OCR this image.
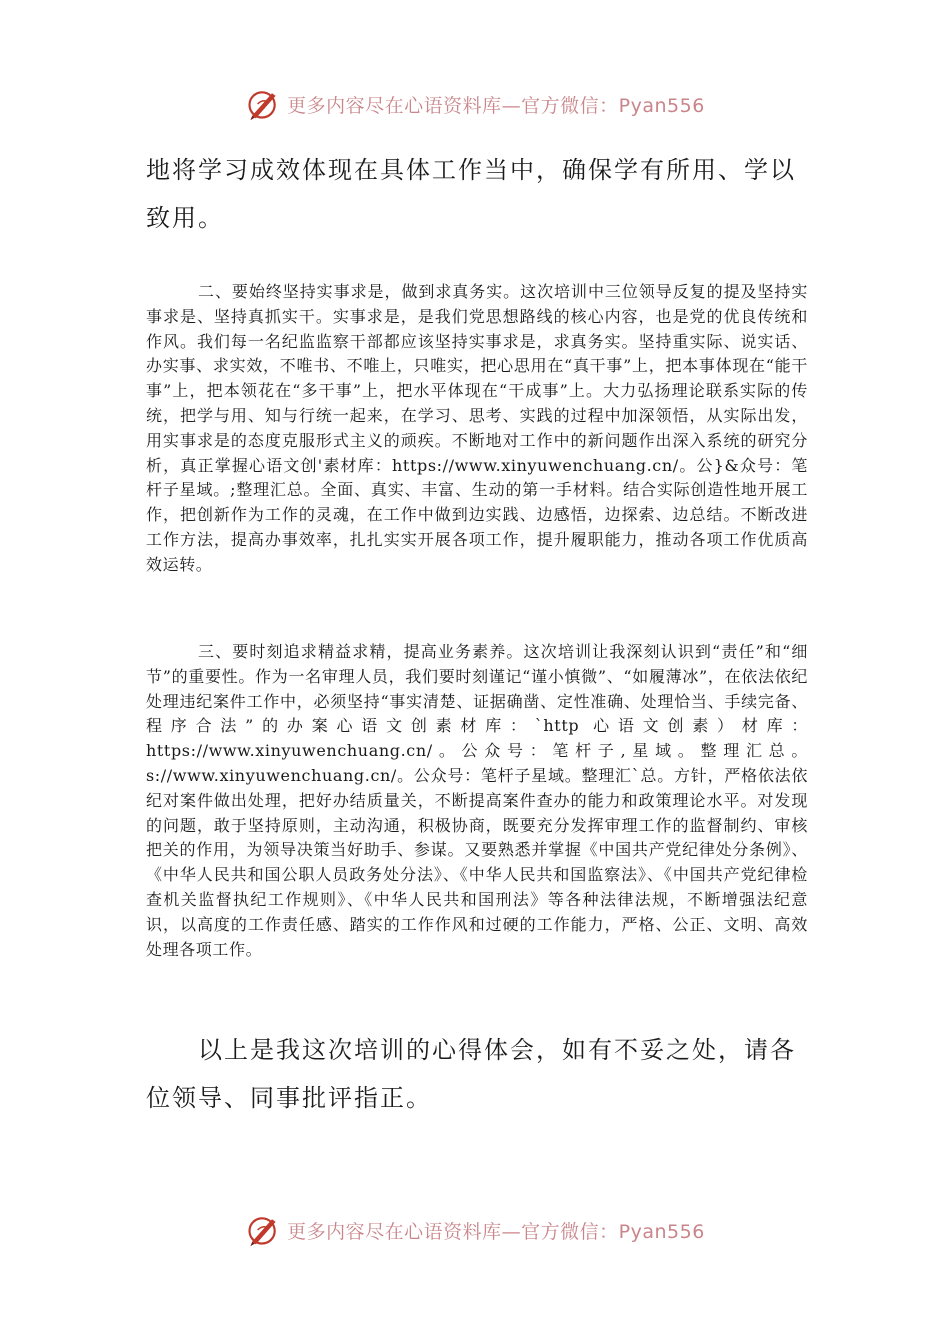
更多内容尽在心语资料库—官方微信：Pyan556

地将学习成效体现在具体工作当中，确保学有所用、学以致用。

二、要始终坚持实事求是，做到求真务实。这次培训中三位领导反复的提及坚持实事求是、坚持真抓实干。实事求是，是我们党思想路线的核心内容，也是党的优良传统和作风。我们每一名纪监监察干部都应该坚持实事求是，求真务实。坚持重实际、说实话、办实事、求实效，不唯书、不唯上，只唯实，把心思用在“真干事”上，把本事体现在“能干事”上，把本领花在“多干事”上，把水平体现在“干成事”上。大力弘扬理论联系实际的传统，把学与用、知与行统一起来，在学习、思考、实践的过程中加深领悟，从实际出发，用实事求是的态度克服形式主义的顽疾。不断地对工作中的新问题作出深入系统的研究分析，真正掌握心语文创'素材库：https://www.xinyuwenchuang.cn/。公}&众号：笔杆子星域。;整理汇总。全面、真实、丰富、生动的第一手材料。结合实际创造性地开展工作，把创新作为工作的灵魂，在工作中做到边实践、边感悟，边探索、边总结。不断改进工作方法，提高办事效率，扎扎实实开展各项工作，提升履职能力，推动各项工作优质高效运转。

三、要时刻追求精益求精，提高业务素养。这次培训让我深刻认识到“责任”和“细节”的重要性。作为一名审理人员，我们要时刻谨记“谨小慎微”、“如履薄冰”，在依法依纪处理违纪案件工作中，必须坚持“事实清楚、证据确凿、定性准确、处理恰当、手续完备、程序合法”的办案心语文创素材库：`http 心语文创素）材库：https://www.xinyuwenchuang.cn/。公众号：笔杆子,星域。整理汇总。s://www.xinyuwenchuang.cn/。公众号：笔杆子星域。整理汇`总。方针，严格依法依纪对案件做出处理，把好办结质量关，不断提高案件查办的能力和政策理论水平。对发现的问题，敢于坚持原则，主动沟通，积极协商，既要充分发挥审理工作的监督制约、审核把关的作用，为领导决策当好助手、参谋。又要熟悉并掌握《中国共产党纪律处分条例》、《中华人民共和国公职人员政务处分法》、《中华人民共和国监察法》、《中国共产党纪律检查机关监督执纪工作规则》、《中华人民共和国刑法》等各种法律法规，不断增强法纪意识，以高度的工作责任感、踏实的工作作风和过硬的工作能力，严格、公正、文明、高效处理各项工作。

以上是我这次培训的心得体会，如有不妥之处，请各位领导、同事批评指正。

更多内容尽在心语资料库—官方微信：Pyan556
